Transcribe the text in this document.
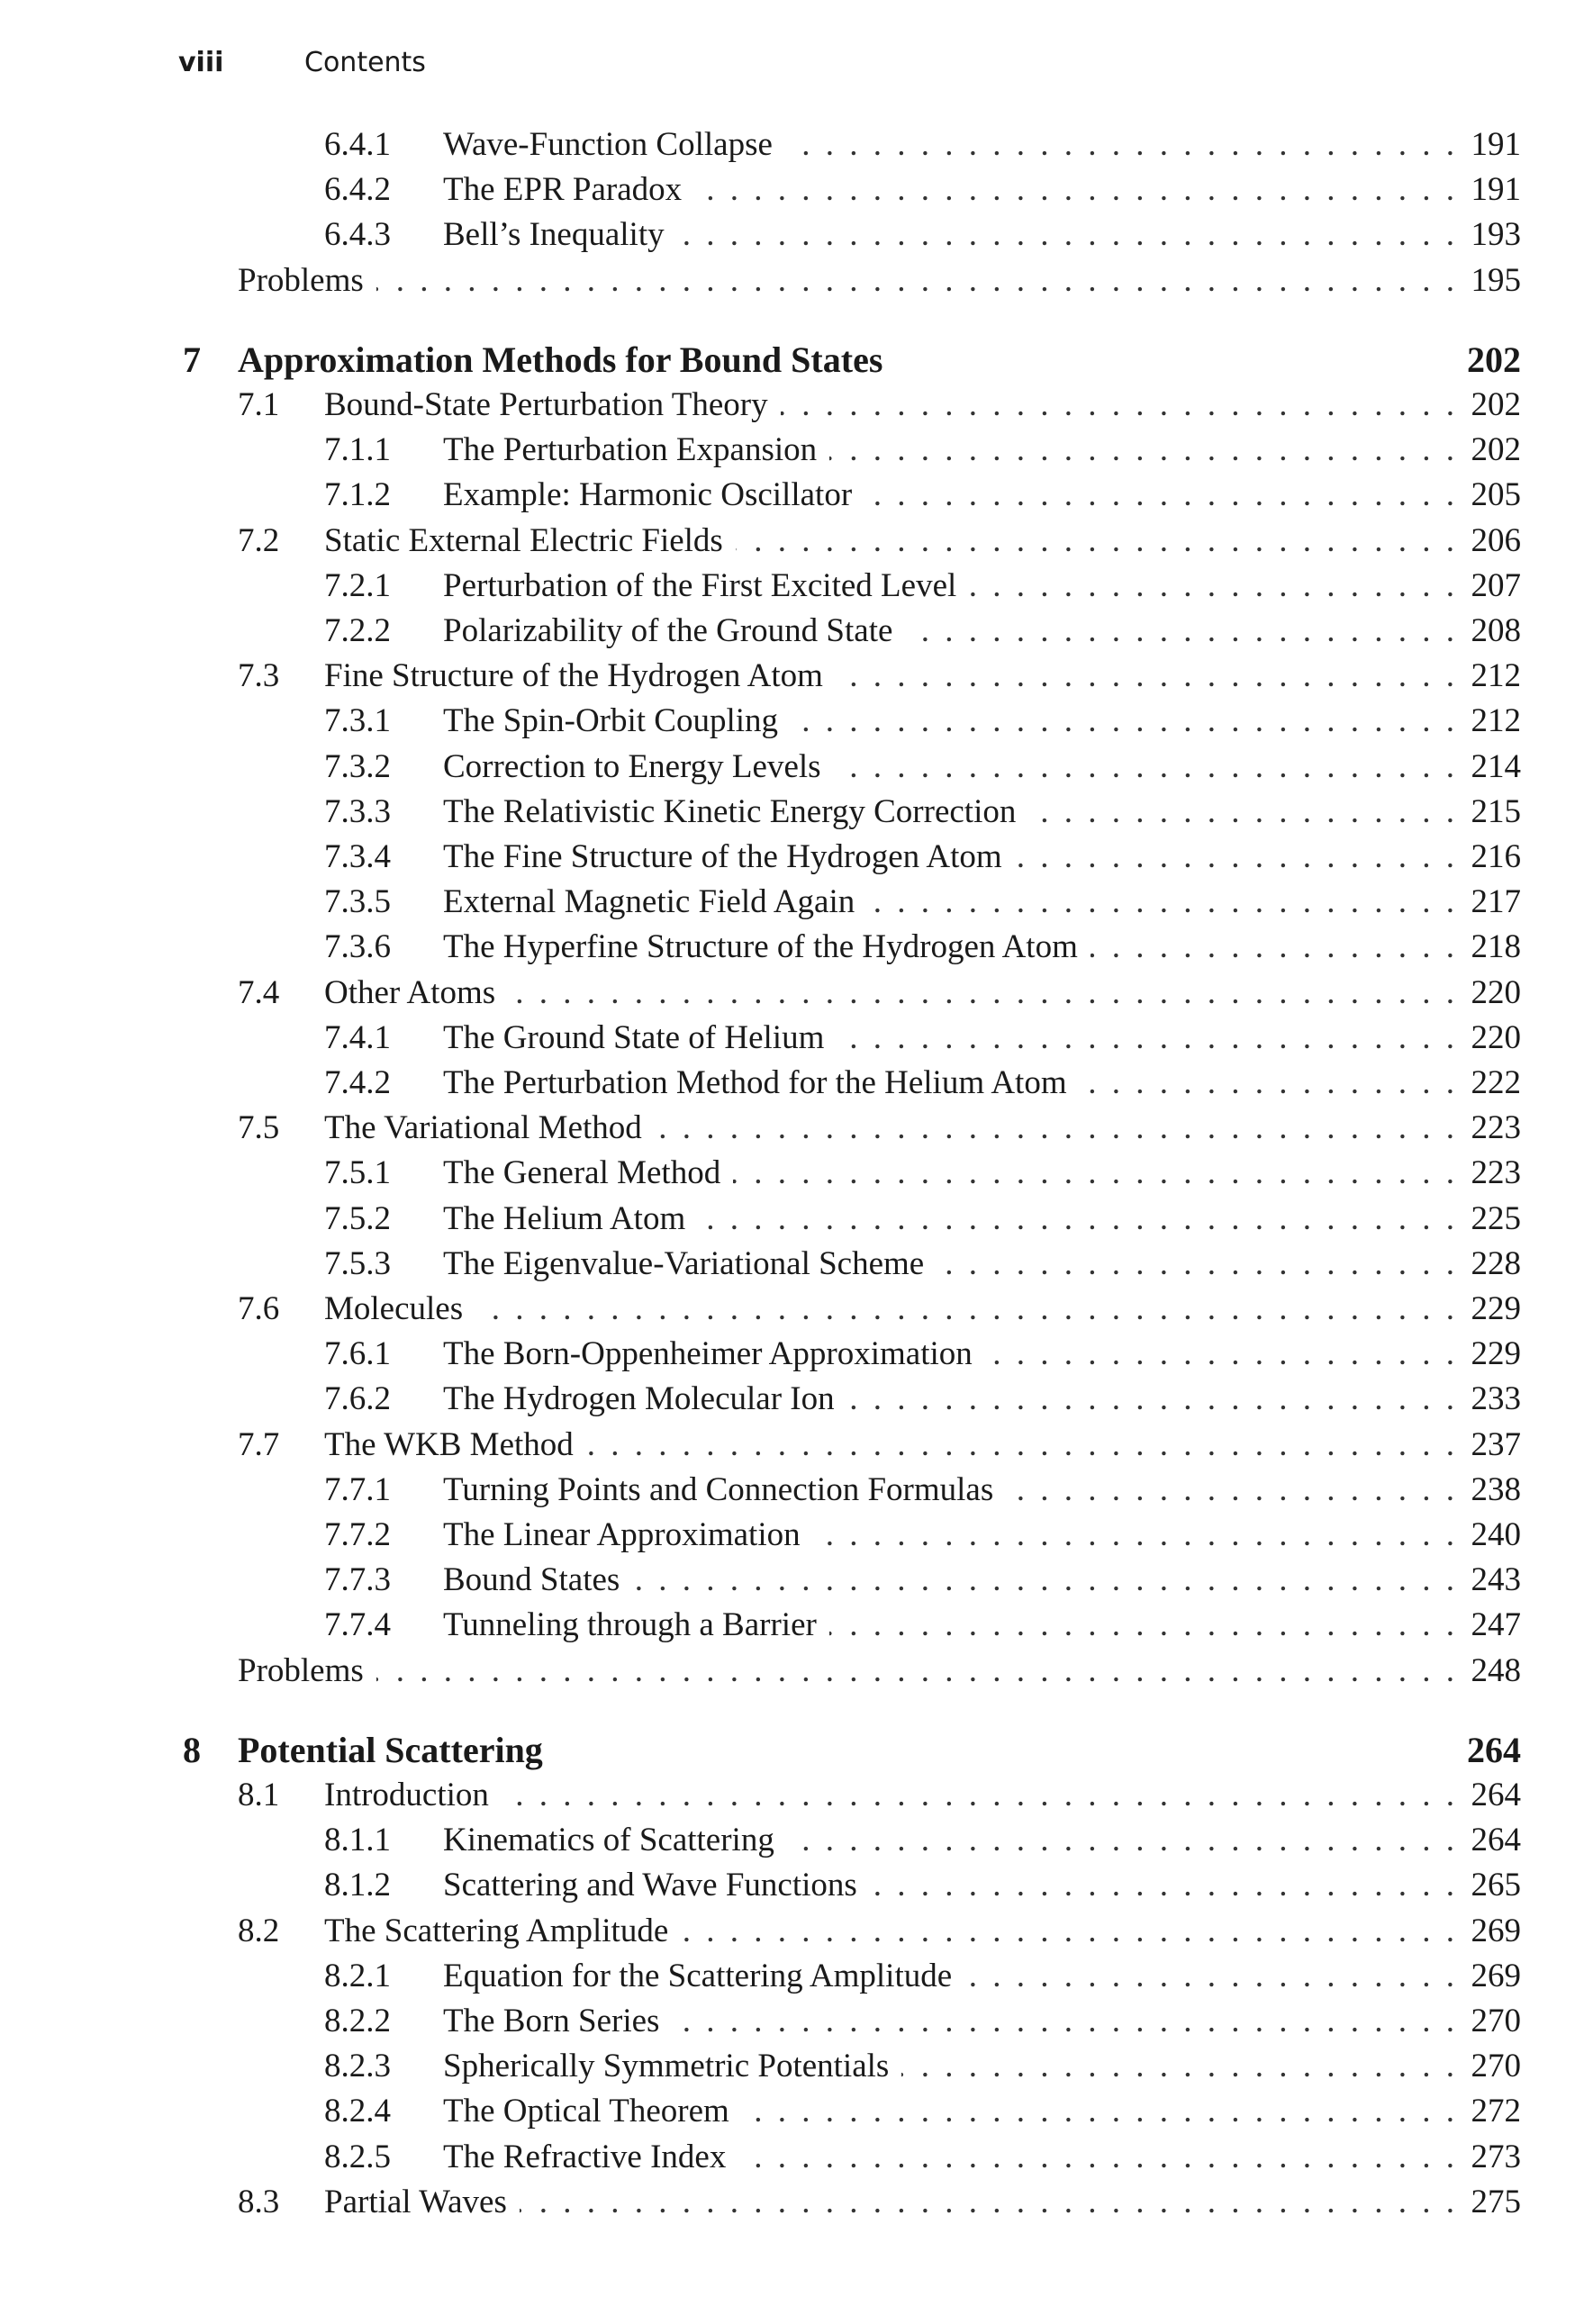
viii	Contents
6.4.1 Wave-Function Collapse	191
. . .
6.4.2 The EPR Paradox	191
. . .
6.4.3 Bell’s Inequality	193
. . .
Problems	195
. . .
7 Approximation Methods for Bound States	202
7.1 Bound-State Perturbation Theory	202
. . .
7.1.1 The Perturbation Expansion	202
. . .
7.1.2 Example: Harmonic Oscillator	205
. . .
7.2 Static External Electric Fields	206
. . .
7.2.1 Perturbation of the First Excited Level	207
. . .
7.2.2 Polarizability of the Ground State	208
. . .
7.3 Fine Structure of the Hydrogen Atom	212
. . .
7.3.1 The Spin-Orbit Coupling	212
. . .
7.3.2 Correction to Energy Levels	214
. . .
7.3.3 The Relativistic Kinetic Energy Correction	215
. . .
7.3.4 The Fine Structure of the Hydrogen Atom	216
. . .
7.3.5 External Magnetic Field Again	217
. . .
7.3.6 The Hyperfine Structure of the Hydrogen Atom	218
. . .
7.4 Other Atoms	220
. . .
7.4.1 The Ground State of Helium	220
. . .
7.4.2 The Perturbation Method for the Helium Atom	222
. . .
7.5 The Variational Method	223
. . .
7.5.1 The General Method	223
. . .
7.5.2 The Helium Atom	225
. . .
7.5.3 The Eigenvalue-Variational Scheme	228
. . .
7.6 Molecules	229
. . .
7.6.1 The Born-Oppenheimer Approximation	229
. . .
7.6.2 The Hydrogen Molecular Ion	233
. . .
7.7 The WKB Method	237
. . .
7.7.1 Turning Points and Connection Formulas	238
. . .
7.7.2 The Linear Approximation	240
. . .
7.7.3 Bound States	243
. . .
7.7.4 Tunneling through a Barrier	247
. . .
Problems	248
. . .
8 Potential Scattering	264
8.1 Introduction	264
. . .
8.1.1 Kinematics of Scattering	264
. . .
8.1.2 Scattering and Wave Functions	265
. . .
8.2 The Scattering Amplitude	269
. . .
8.2.1 Equation for the Scattering Amplitude	269
. . .
8.2.2 The Born Series	270
. . .
8.2.3 Spherically Symmetric Potentials	270
. . .
8.2.4 The Optical Theorem	272
. . .
8.2.5 The Refractive Index	273
. . .
8.3 Partial Waves	275
. . .
